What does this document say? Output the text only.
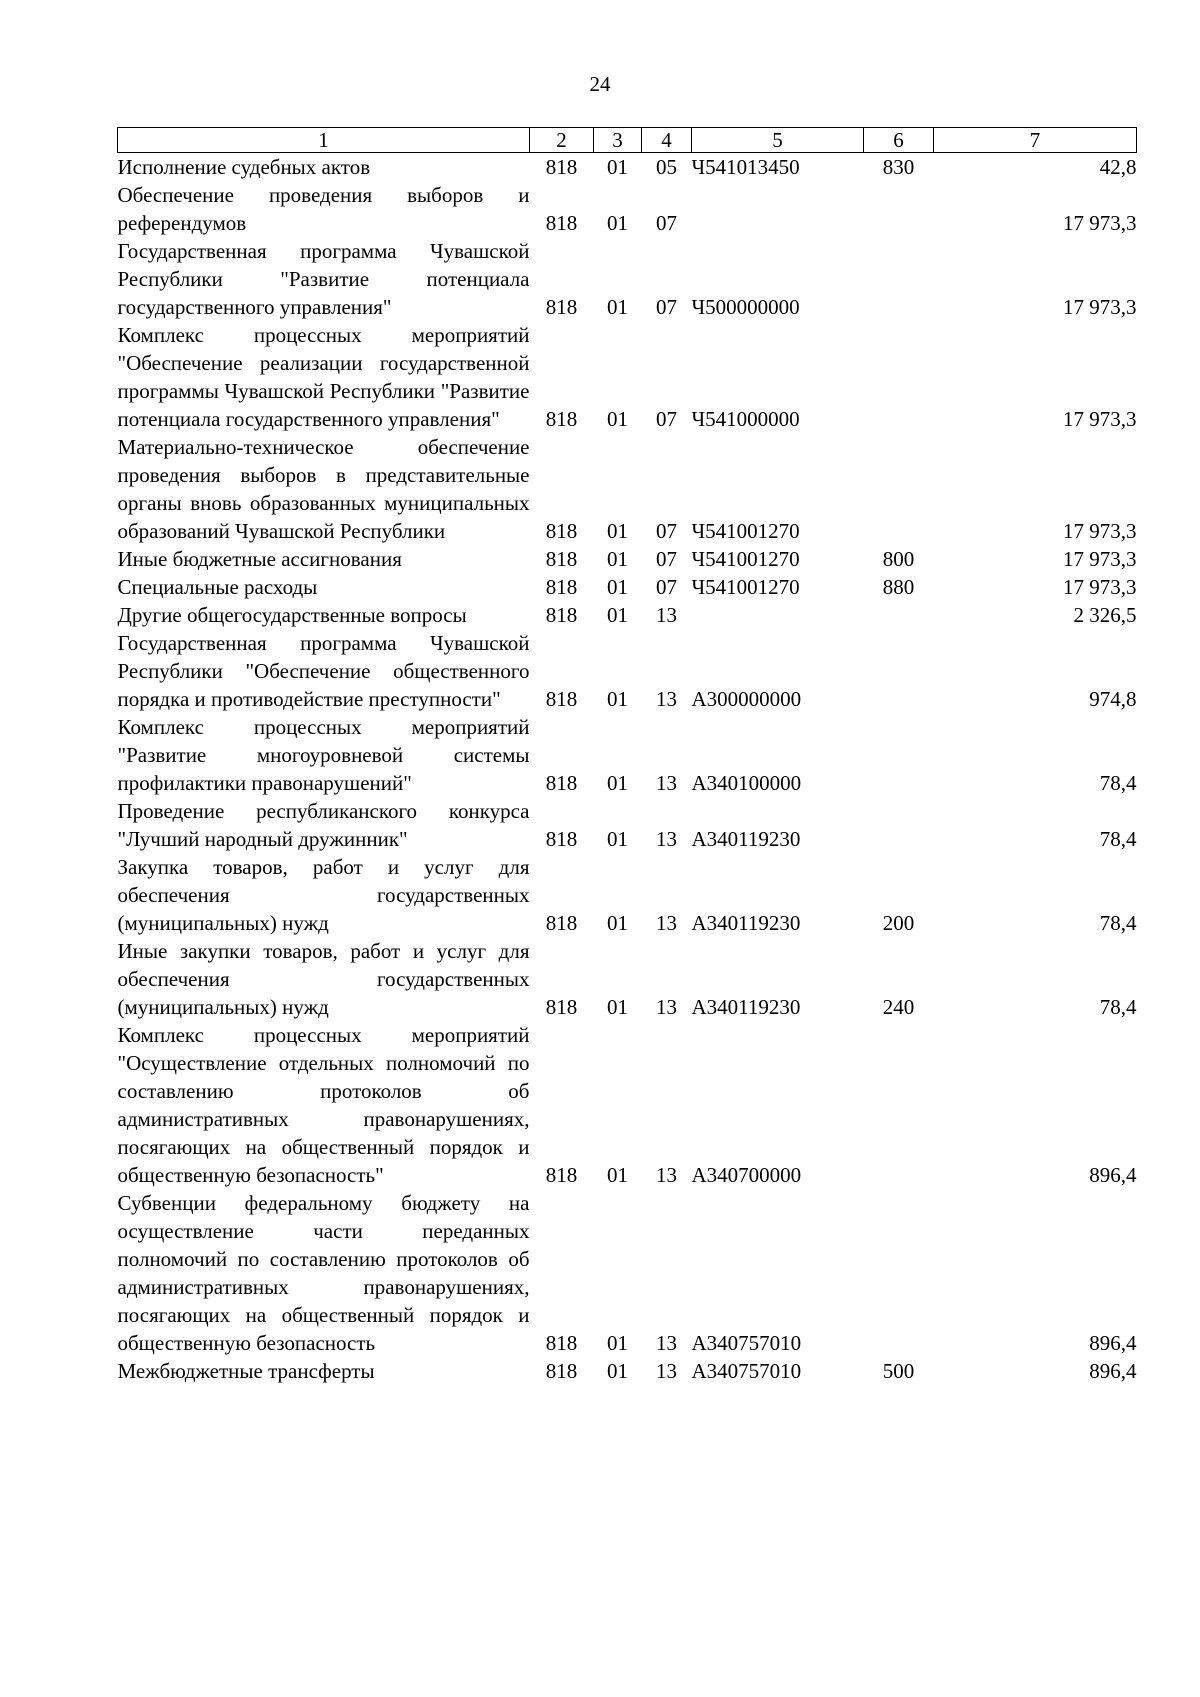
24
1	2	3	4	5	6	7
Исполнение судебных актов	818	01	05	Ч541013450	830	42,8
Обеспечение проведения выборов и референдумов	818	01	07			17 973,3
Государственная программа Чувашской Республики "Развитие потенциала государственного управления"	818	01	07	Ч500000000		17 973,3
Комплекс процессных мероприятий "Обеспечение реализации государственной программы Чувашской Республики "Развитие потенциала государственного управления"	818	01	07	Ч541000000		17 973,3
Материально-техническое обеспечение проведения выборов в представительные органы вновь образованных муниципальных образований Чувашской Республики	818	01	07	Ч541001270		17 973,3
Иные бюджетные ассигнования	818	01	07	Ч541001270	800	17 973,3
Специальные расходы	818	01	07	Ч541001270	880	17 973,3
Другие общегосударственные вопросы	818	01	13			2 326,5
Государственная программа Чувашской Республики "Обеспечение общественного порядка и противодействие преступности"	818	01	13	А300000000		974,8
Комплекс процессных мероприятий "Развитие многоуровневой системы профилактики правонарушений"	818	01	13	А340100000		78,4
Проведение республиканского конкурса "Лучший народный дружинник"	818	01	13	А340119230		78,4
Закупка товаров, работ и услуг для обеспечения государственных (муниципальных) нужд	818	01	13	А340119230	200	78,4
Иные закупки товаров, работ и услуг для обеспечения государственных (муниципальных) нужд	818	01	13	А340119230	240	78,4
Комплекс процессных мероприятий "Осуществление отдельных полномочий по составлению протоколов об административных правонарушениях, посягающих на общественный порядок и общественную безопасность"	818	01	13	А340700000		896,4
Субвенции федеральному бюджету на осуществление части переданных полномочий по составлению протоколов об административных правонарушениях, посягающих на общественный порядок и общественную безопасность	818	01	13	А340757010		896,4
Межбюджетные трансферты	818	01	13	А340757010	500	896,4
